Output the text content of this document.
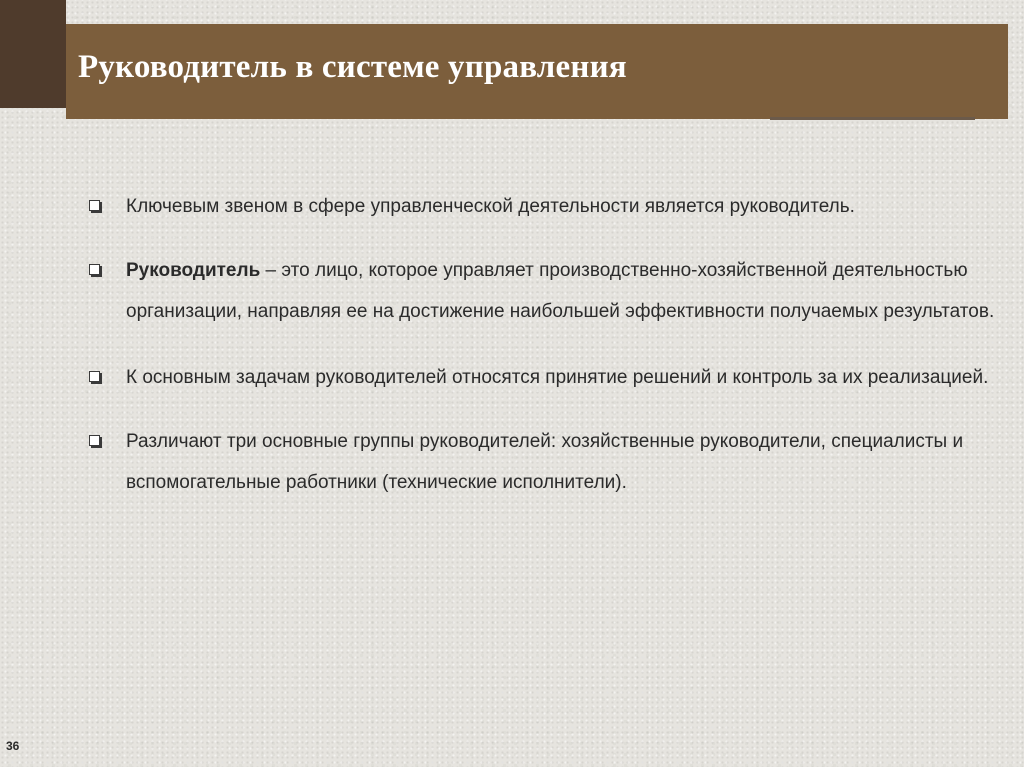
Руководитель в системе управления
Ключевым звеном в сфере управленческой деятельности является руководитель.
Руководитель – это лицо, которое управляет производственно-хозяйственной деятельностью организации, направляя ее на достижение наибольшей эффективности получаемых результатов.
К основным задачам руководителей относятся принятие решений и контроль за их реализацией.
Различают три основные группы руководителей: хозяйственные руководители, специалисты и вспомогательные работники (технические исполнители).
36
